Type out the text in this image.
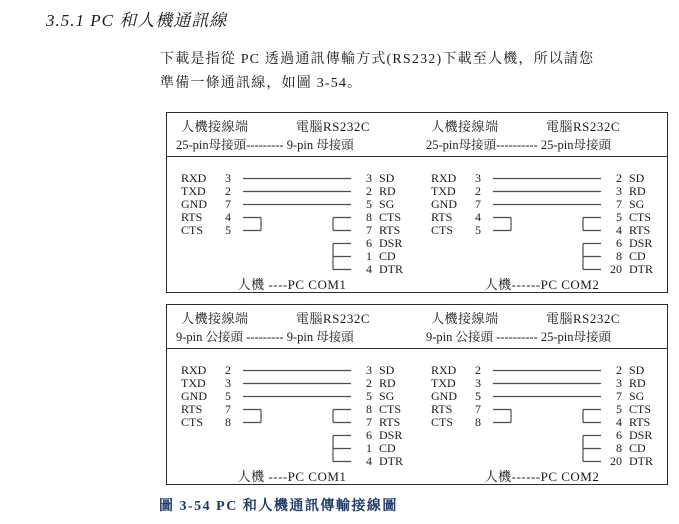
3.5.1 PC 和人機通訊線
下載是指從 PC 透過通訊傳輸方式(RS232)下載至人機，所以請您
準備一條通訊線，如圖 3-54。
人機接線端	電腦RS232C
25-pin母接頭--------- 9-pin 母接頭
RXD	3
TXD	2
GND	7
RTS	4
CTS	5
3 SD
2 RD
5 SG
8 CTS
7 RTS
6 DSR
1 CD
4 DTR
人機 ----PC COM1
人機接線端	電腦RS232C
25-pin母接頭---------- 25-pin母接頭
RXD	3
TXD	2
GND	7
RTS	4
CTS	5
2 SD
3 RD
7 SG
5 CTS
4 RTS
6 DSR
8 CD
20 DTR
人機------PC COM2
人機接線端	電腦RS232C
9-pin 公接頭 --------- 9-pin 母接頭
RXD	2
TXD	3
GND	5
RTS	7
CTS	8
3 SD
2 RD
5 SG
8 CTS
7 RTS
6 DSR
1 CD
4 DTR
人機 ----PC COM1
人機接線端	電腦RS232C
9-pin 公接頭 ---------- 25-pin母接頭
RXD	2
TXD	3
GND	5
RTS	7
CTS	8
2 SD
3 RD
7 SG
5 CTS
4 RTS
6 DSR
8 CD
20 DTR
人機------PC COM2
圖 3-54 PC 和人機通訊傳輸接線圖
